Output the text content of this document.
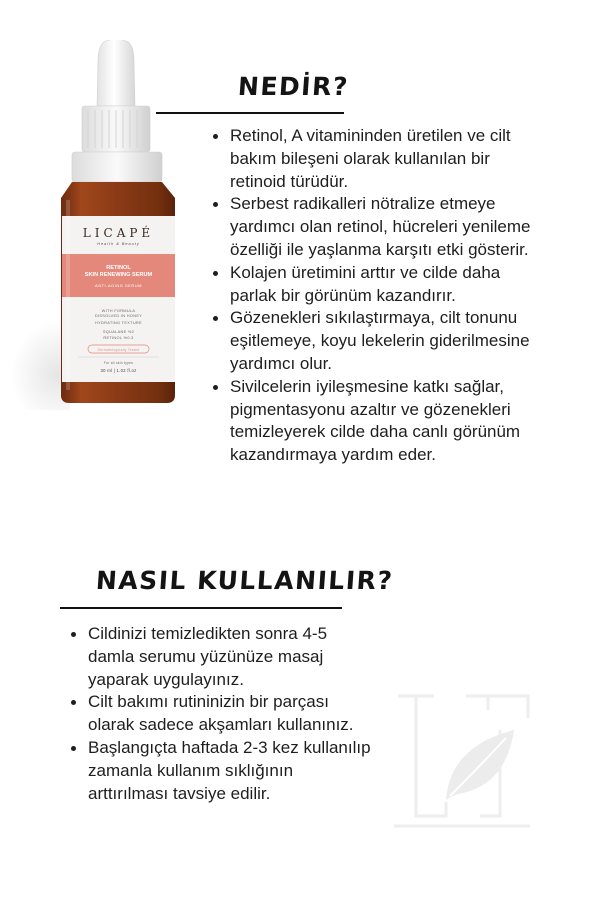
LICAPÉ
Health & Beauty
RETINOL
SKIN RENEWING SERUM
ANTI-AGING SERUM
WITH FORMULA
DISSOLVED IN HONEY
HYDRATING TEXTURE
SQUALANE %2
RETINOL %0.3
Dermatologically Tested
For all skin types
30 ml | 1.02 fl.oz
NEDİR?
Retinol, A vitamininden üretilen ve cilt bakım bileşeni olarak kullanılan bir retinoid türüdür.
Serbest radikalleri nötralize etmeye yardımcı olan retinol, hücreleri yenileme özelliği ile yaşlanma karşıtı etki gösterir.
Kolajen üretimini arttır ve cilde daha parlak bir görünüm kazandırır.
Gözenekleri sıkılaştırmaya, cilt tonunu eşitlemeye, koyu lekelerin giderilmesine yardımcı olur.
Sivilcelerin iyileşmesine katkı sağlar, pigmentasyonu azaltır ve gözenekleri temizleyerek cilde daha canlı görünüm kazandırmaya yardım eder.
NASIL KULLANILIR?
Cildinizi temizledikten sonra 4-5 damla serumu yüzünüze masaj yaparak uygulayınız.
Cilt bakımı rutininizin bir parçası olarak sadece akşamları kullanınız.
Başlangıçta haftada 2-3 kez kullanılıp zamanla kullanım sıklığının arttırılması tavsiye edilir.
